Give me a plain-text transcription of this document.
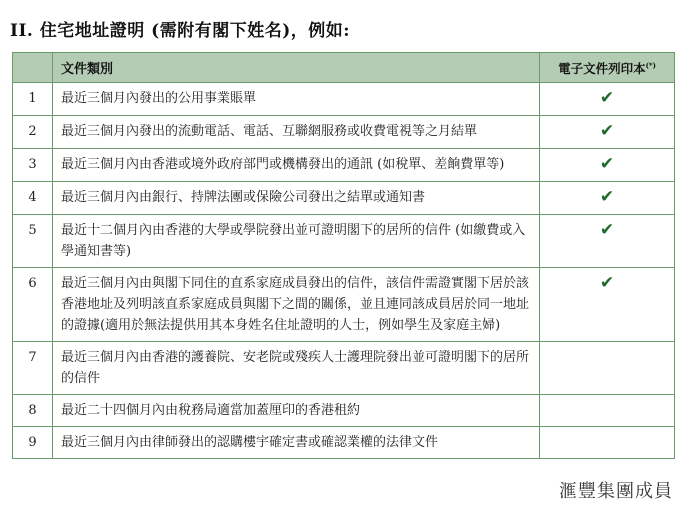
II. 住宅地址證明 (需附有閣下姓名)，例如:
	文件類別	電子文件列印本(*)
1	最近三個月內發出的公用事業賬單	✔
2	最近三個月內發出的流動電話、電話、互聯網服務或收費電視等之月結單	✔
3	最近三個月內由香港或境外政府部門或機構發出的通訊 (如稅單、差餉費單等)	✔
4	最近三個月內由銀行、持牌法團或保險公司發出之結單或通知書	✔
5	最近十二個月內由香港的大學或學院發出並可證明閣下的居所的信件 (如繳費或入學通知書等)	✔
6	最近三個月內由與閣下同住的直系家庭成員發出的信件，該信件需證實閣下居於該香港地址及列明該直系家庭成員與閣下之間的關係，並且連同該成員居於同一地址的證據(適用於無法提供用其本身姓名住址證明的人士，例如學生及家庭主婦)	✔
7	最近三個月內由香港的護養院、安老院或殘疾人士護理院發出並可證明閣下的居所的信件	
8	最近二十四個月內由稅務局適當加蓋厘印的香港租約	
9	最近三個月內由律師發出的認購樓宇確定書或確認業權的法律文件	
滙豐集團成員
